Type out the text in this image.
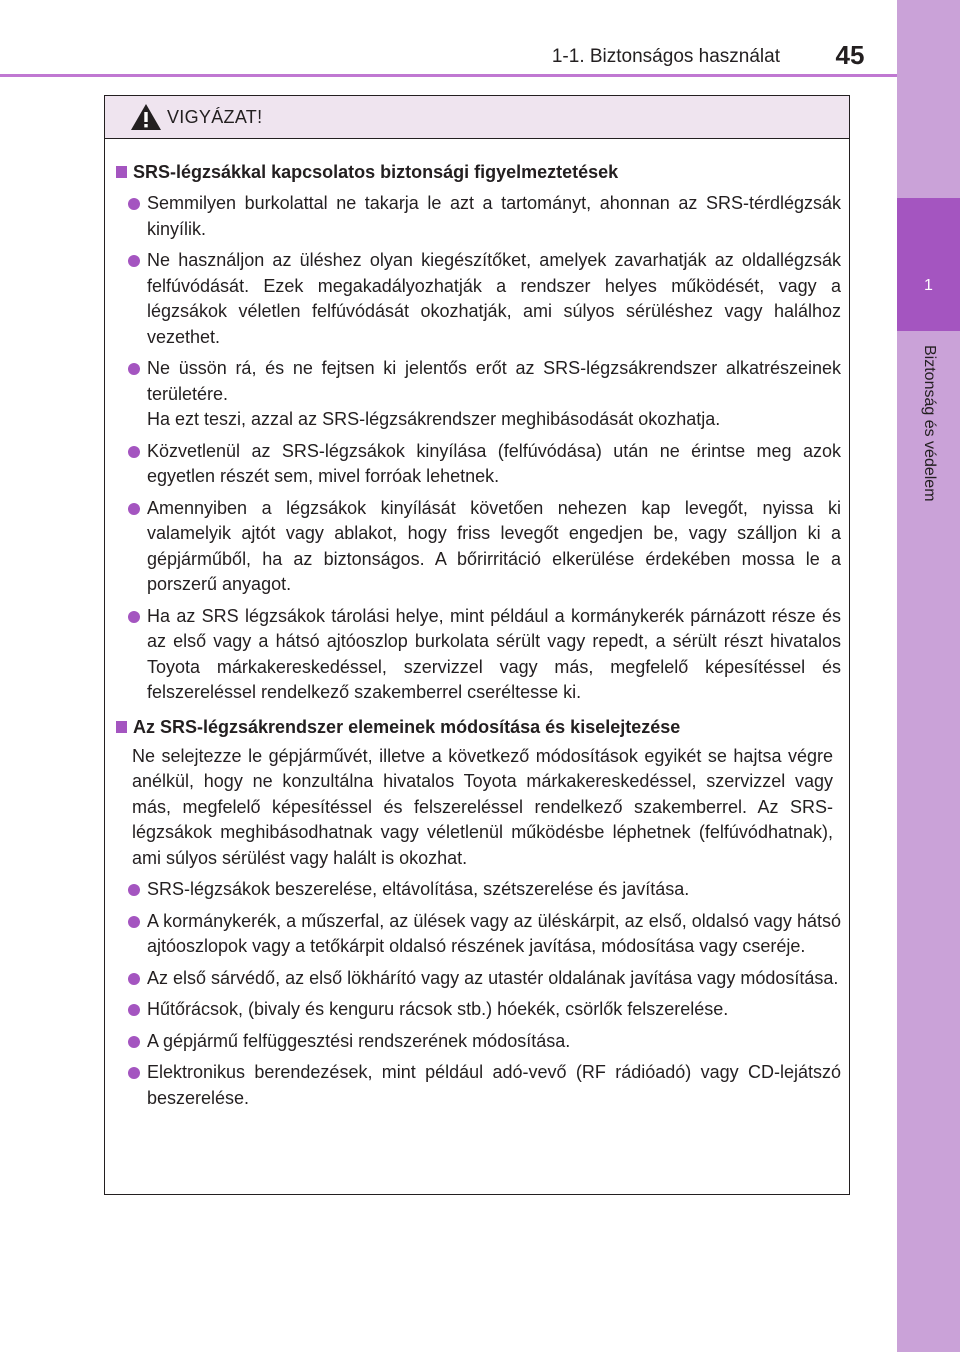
1-1. Biztonságos használat	45
1
Biztonság és védelem
VIGYÁZAT!
SRS-légzsákkal kapcsolatos biztonsági figyelmeztetések
Semmilyen burkolattal ne takarja le azt a tartományt, ahonnan az SRS-térdlégzsák kinyílik.
Ne használjon az üléshez olyan kiegészítőket, amelyek zavarhatják az oldallégzsák felfúvódását. Ezek megakadályozhatják a rendszer helyes működését, vagy a légzsákok véletlen felfúvódását okozhatják, ami súlyos sérüléshez vagy halálhoz vezethet.
Ne üssön rá, és ne fejtsen ki jelentős erőt az SRS-légzsákrendszer alkatrészeinek területére.
Ha ezt teszi, azzal az SRS-légzsákrendszer meghibásodását okozhatja.
Közvetlenül az SRS-légzsákok kinyílása (felfúvódása) után ne érintse meg azok egyetlen részét sem, mivel forróak lehetnek.
Amennyiben a légzsákok kinyílását követően nehezen kap levegőt, nyissa ki valamelyik ajtót vagy ablakot, hogy friss levegőt engedjen be, vagy szálljon ki a gépjárműből, ha az biztonságos. A bőrirritáció elkerülése érdekében mossa le a porszerű anyagot.
Ha az SRS légzsákok tárolási helye, mint például a kormánykerék párnázott része és az első vagy a hátsó ajtóoszlop burkolata sérült vagy repedt, a sérült részt hivatalos Toyota márkakereskedéssel, szervizzel vagy más, megfelelő képesítéssel és felszereléssel rendelkező szakemberrel cseréltesse ki.
Az SRS-légzsákrendszer elemeinek módosítása és kiselejtezése
Ne selejtezze le gépjárművét, illetve a következő módosítások egyikét se hajtsa végre anélkül, hogy ne konzultálna hivatalos Toyota márkakereskedéssel, szervizzel vagy más, megfelelő képesítéssel és felszereléssel rendelkező szakemberrel. Az SRS-légzsákok meghibásodhatnak vagy véletlenül működésbe léphetnek (felfúvódhatnak), ami súlyos sérülést vagy halált is okozhat.
SRS-légzsákok beszerelése, eltávolítása, szétszerelése és javítása.
A kormánykerék, a műszerfal, az ülések vagy az üléskárpit, az első, oldalsó vagy hátsó ajtóoszlopok vagy a tetőkárpit oldalsó részének javítása, módosítása vagy cseréje.
Az első sárvédő, az első lökhárító vagy az utastér oldalának javítása vagy módosítása.
Hűtőrácsok, (bivaly és kenguru rácsok stb.) hóekék, csörlők felszerelése.
A gépjármű felfüggesztési rendszerének módosítása.
Elektronikus berendezések, mint például adó-vevő (RF rádióadó) vagy CD-lejátszó beszerelése.
